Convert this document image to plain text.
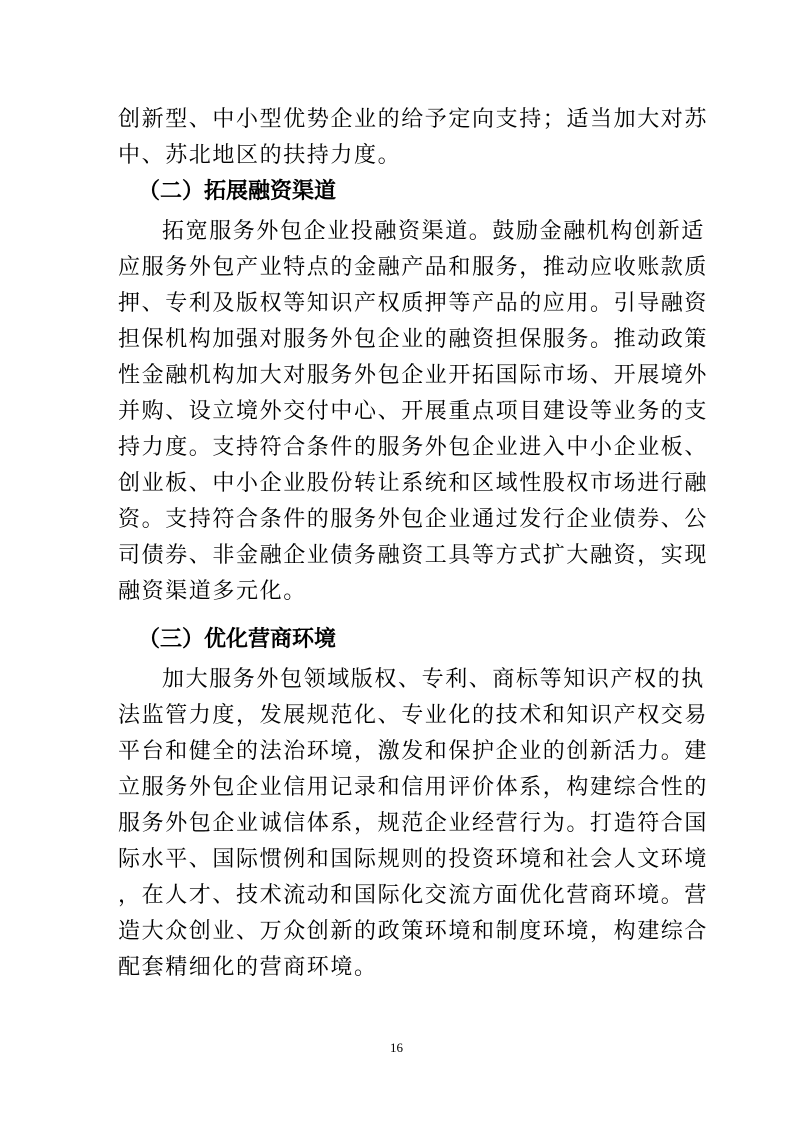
创新型、中小型优势企业的给予定向支持；适当加大对苏
中、苏北地区的扶持力度。
（二）拓展融资渠道
拓宽服务外包企业投融资渠道。鼓励金融机构创新适
应服务外包产业特点的金融产品和服务，推动应收账款质
押、专利及版权等知识产权质押等产品的应用。引导融资
担保机构加强对服务外包企业的融资担保服务。推动政策
性金融机构加大对服务外包企业开拓国际市场、开展境外
并购、设立境外交付中心、开展重点项目建设等业务的支
持力度。支持符合条件的服务外包企业进入中小企业板、
创业板、中小企业股份转让系统和区域性股权市场进行融
资。支持符合条件的服务外包企业通过发行企业债券、公
司债券、非金融企业债务融资工具等方式扩大融资，实现
融资渠道多元化。
（三）优化营商环境
加大服务外包领域版权、专利、商标等知识产权的执
法监管力度，发展规范化、专业化的技术和知识产权交易
平台和健全的法治环境，激发和保护企业的创新活力。建
立服务外包企业信用记录和信用评价体系，构建综合性的
服务外包企业诚信体系，规范企业经营行为。打造符合国
际水平、国际惯例和国际规则的投资环境和社会人文环境
，在人才、技术流动和国际化交流方面优化营商环境。营
造大众创业、万众创新的政策环境和制度环境，构建综合
配套精细化的营商环境。
16
